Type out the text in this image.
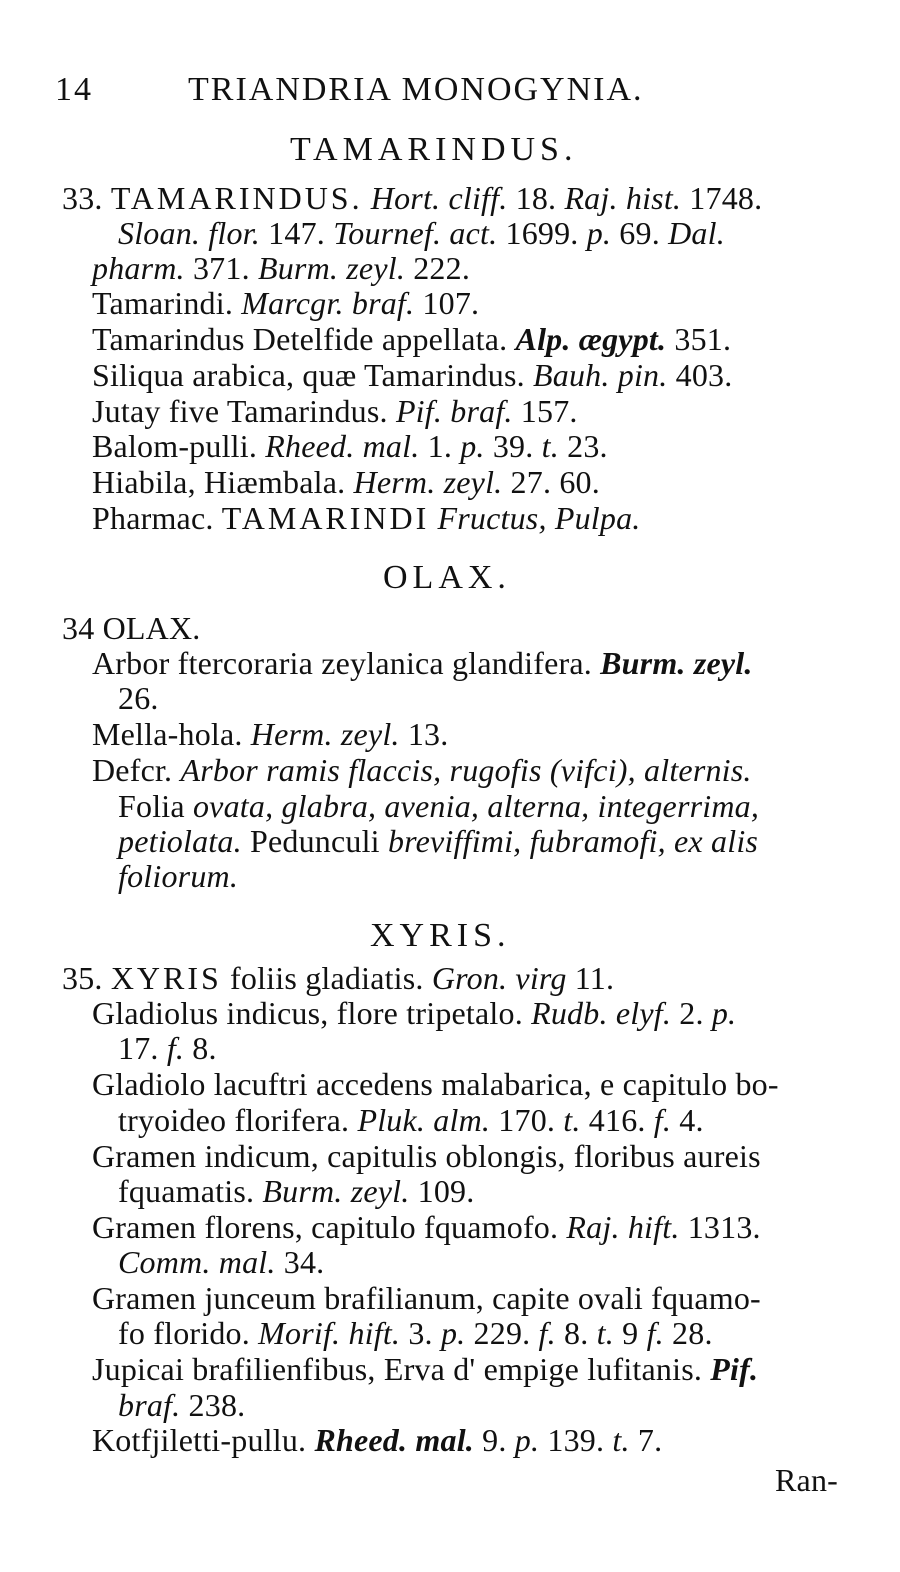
14	TRIANDRIA MONOGYNIA.
TAMARINDUS.
OLAX.
XYRIS.
Ran-
33. TAMARINDUS. Hort. cliff. 18. Raj. hist. 1748.
Sloan. flor. 147. Tournef. act. 1699. p. 69. Dal.
pharm. 371. Burm. zeyl. 222.
Tamarindi. Marcgr. braf. 107.
Tamarindus Detelfide appellata. Alp. ægypt. 351.
Siliqua arabica, quæ Tamarindus. Bauh. pin. 403.
Jutay five Tamarindus. Pif. braf. 157.
Balom-pulli. Rheed. mal. 1. p. 39. t. 23.
Hiabila, Hiæmbala. Herm. zeyl. 27. 60.
Pharmac. TAMARINDI Fructus, Pulpa.
34 OLAX.
Arbor ftercoraria zeylanica glandifera. Burm. zeyl.
26.
Mella-hola. Herm. zeyl. 13.
Defcr. Arbor ramis flaccis, rugofis (vifci), alternis.
Folia ovata, glabra, avenia, alterna, integerrima,
petiolata. Pedunculi breviffimi, fubramofi, ex alis
foliorum.
35. XYRIS foliis gladiatis. Gron. virg 11.
Gladiolus indicus, flore tripetalo. Rudb. elyf. 2. p.
17. f. 8.
Gladiolo lacuftri accedens malabarica, e capitulo bo-
tryoideo florifera. Pluk. alm. 170. t. 416. f. 4.
Gramen indicum, capitulis oblongis, floribus aureis
fquamatis. Burm. zeyl. 109.
Gramen florens, capitulo fquamofo. Raj. hift. 1313.
Comm. mal. 34.
Gramen junceum brafilianum, capite ovali fquamo-
fo florido. Morif. hift. 3. p. 229. f. 8. t. 9 f. 28.
Jupicai brafilienfibus, Erva d' empige lufitanis. Pif.
braf. 238.
Kotfjiletti-pullu. Rheed. mal. 9. p. 139. t. 7.
